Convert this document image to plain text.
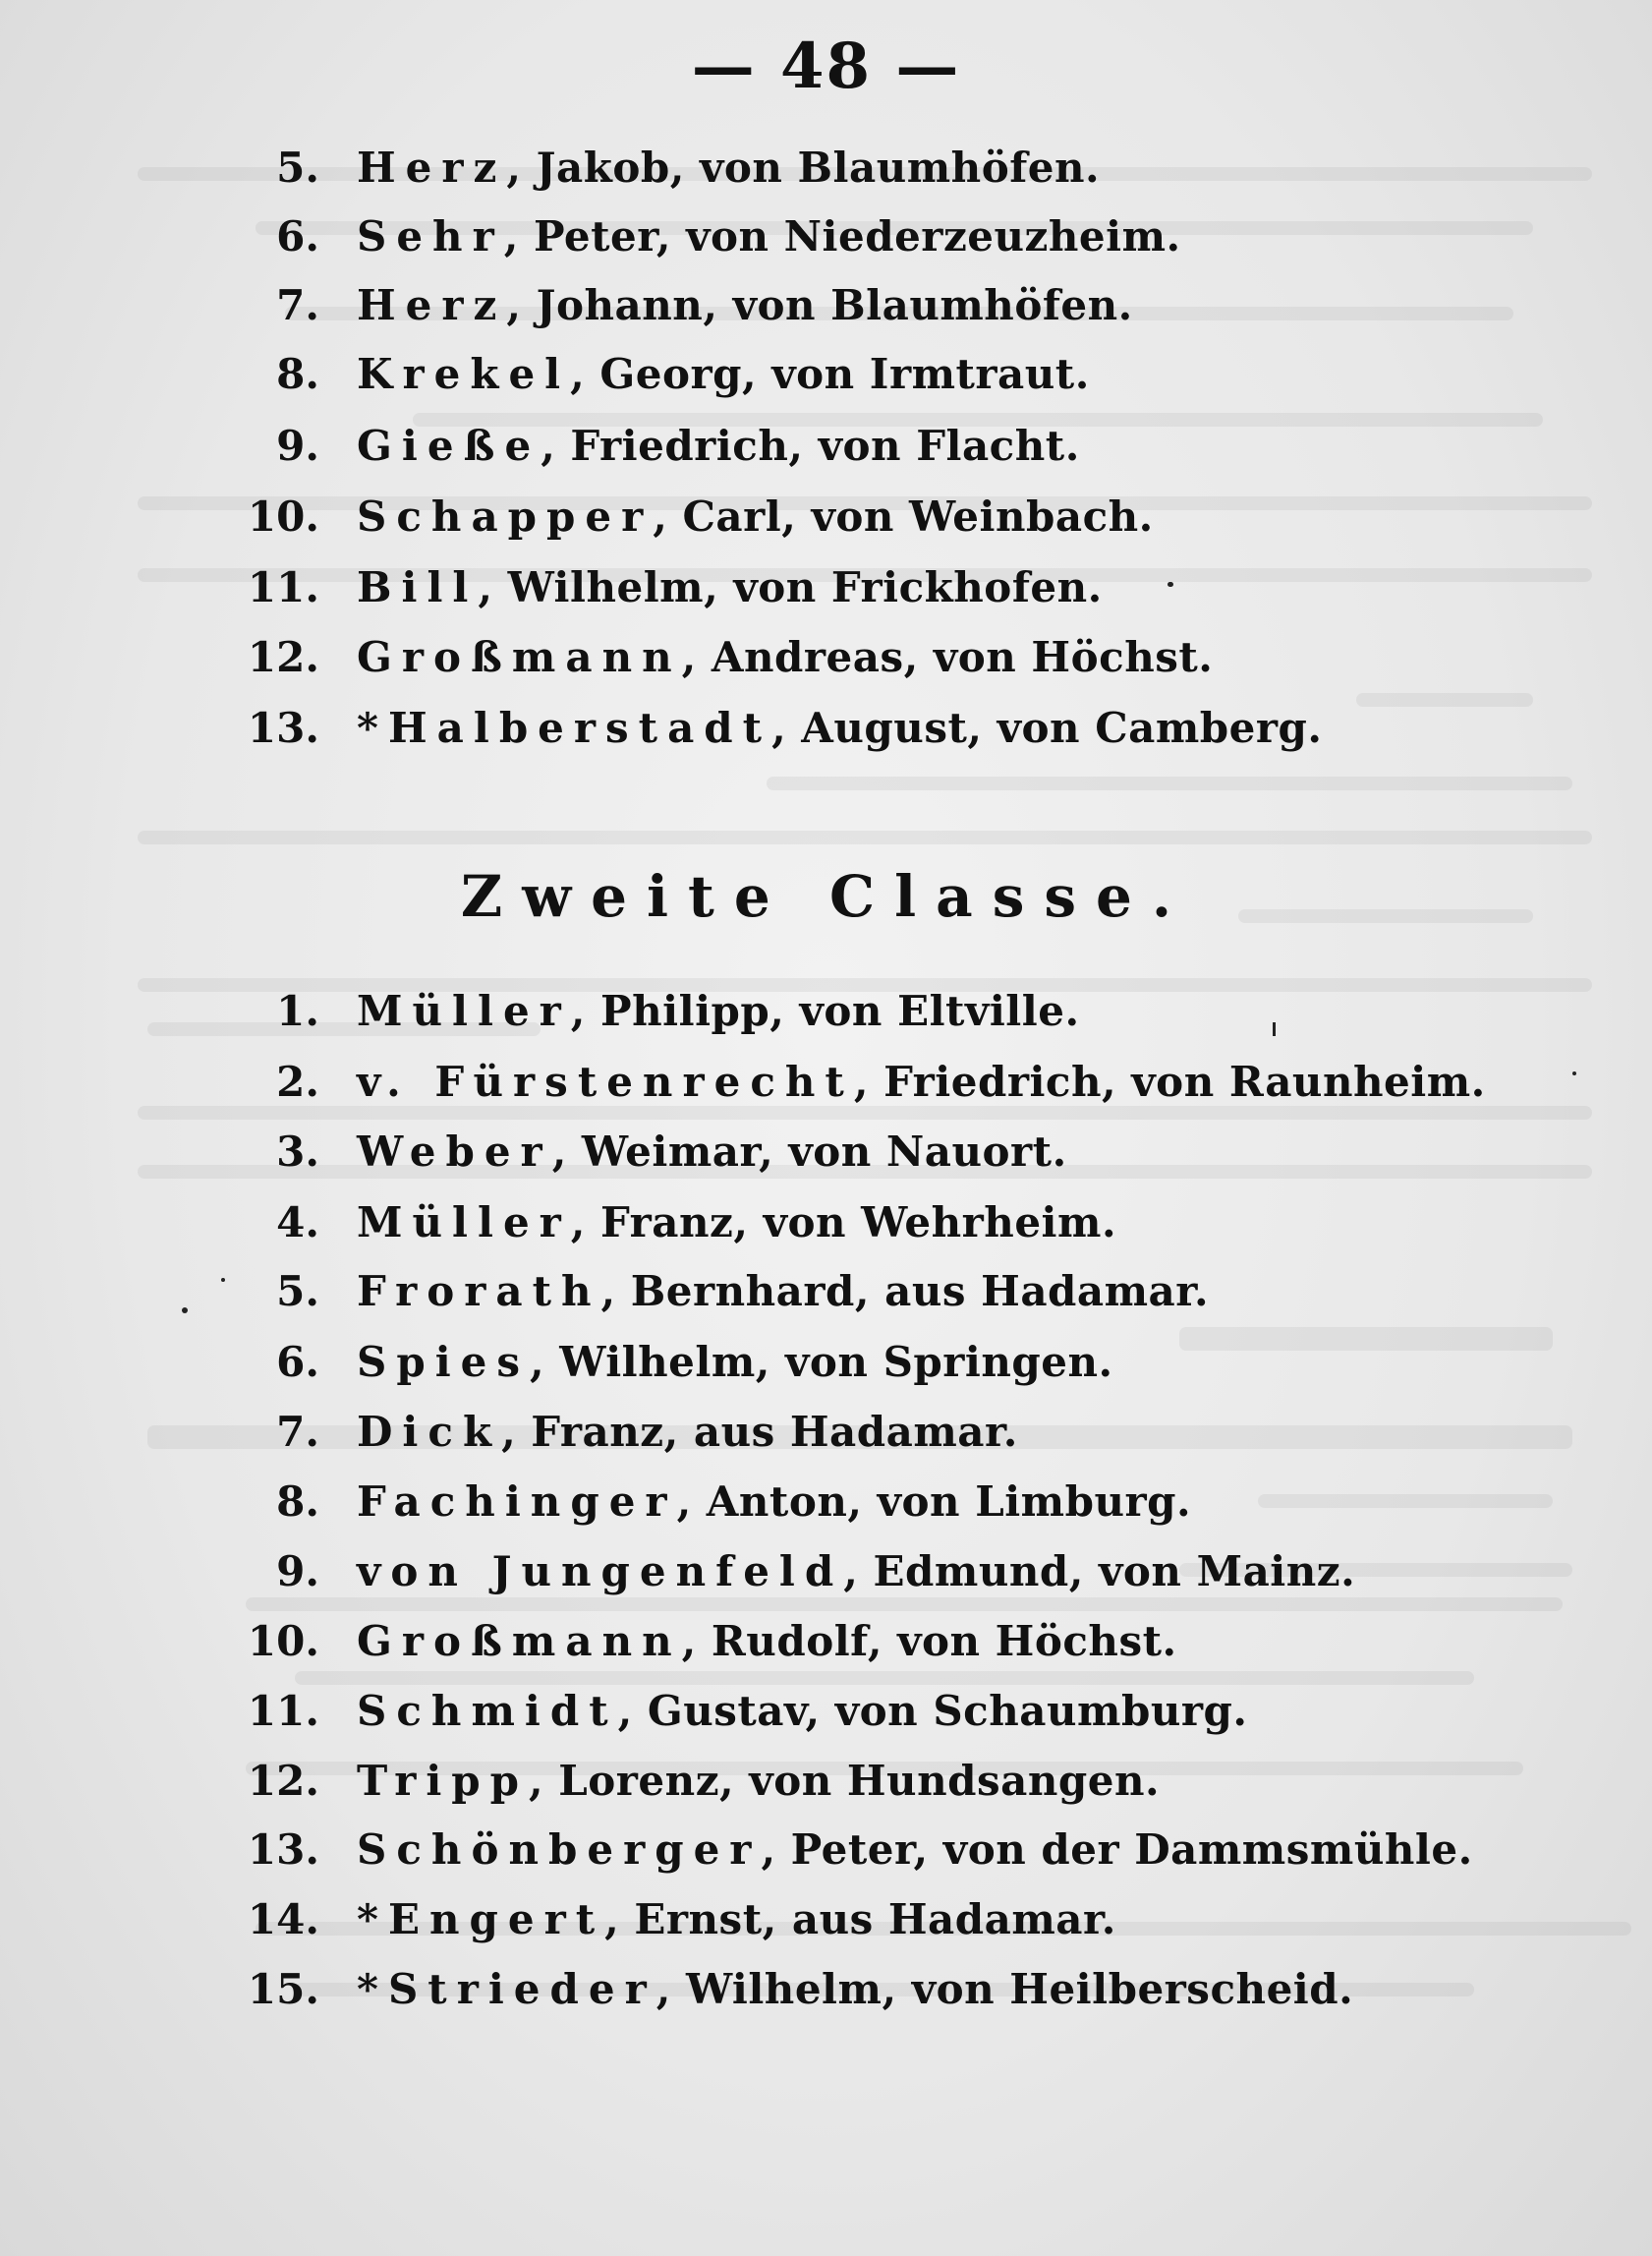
— 48 —
5. Herz , Jakob, von Blaumhöfen.
6. Sehr , Peter, von Niederzeuzheim.
7. Herz , Johann, von Blaumhöfen.
8. Krekel , Georg, von Irmtraut.
9. Gieße , Friedrich, von Flacht.
10. Schapper , Carl, von Weinbach.
11. Bill , Wilhelm, von Frickhofen.
12. Großmann , Andreas, von Höchst.
13. *Halberstadt , August, von Camberg.
Zweite Classe.
1. Müller , Philipp, von Eltville.
2. v. Fürstenrecht , Friedrich, von Raunheim.
3. Weber , Weimar, von Nauort.
4. Müller , Franz, von Wehrheim.
5. Frorath , Bernhard, aus Hadamar.
6. Spies , Wilhelm, von Springen.
7. Dick , Franz, aus Hadamar.
8. Fachinger , Anton, von Limburg.
9. von Jungenfeld , Edmund, von Mainz.
10. Großmann , Rudolf, von Höchst.
11. Schmidt , Gustav, von Schaumburg.
12. Tripp , Lorenz, von Hundsangen.
13. Schönberger , Peter, von der Dammsmühle.
14. *Engert , Ernst, aus Hadamar.
15. *Strieder , Wilhelm, von Heilberscheid.
